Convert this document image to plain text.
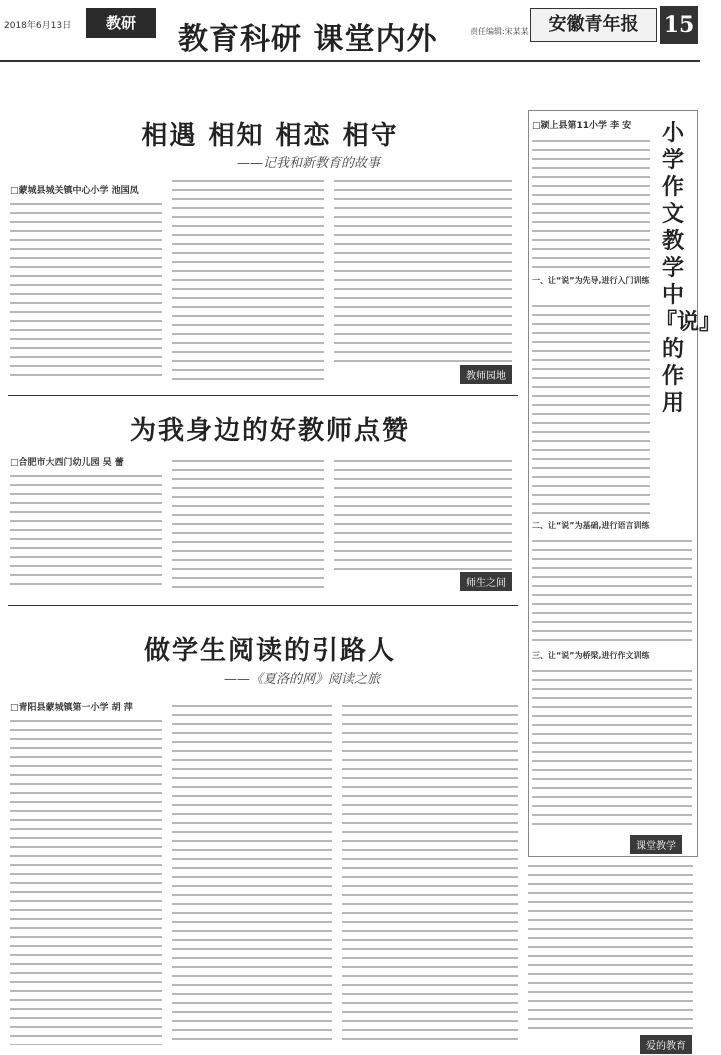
2018年6月13日	教研	教育科研 课堂内外	责任编辑:宋某某	安徽青年报	15
相遇 相知 相恋 相守
——记我和新教育的故事
□蒙城县城关镇中心小学 池国凤
教师园地
为我身边的好教师点赞
□合肥市大西门幼儿园 吴 蕾
师生之间
做学生阅读的引路人
——《夏洛的网》阅读之旅
□青阳县蒙城镇第一小学 胡 萍
爱的教育
□颍上县第11小学 李 安	小学作文教学中『说』的作用
一、让“说”为先导,进行入门训练
二、让“说”为基础,进行语言训练
三、让“说”为桥梁,进行作文训练
课堂教学
